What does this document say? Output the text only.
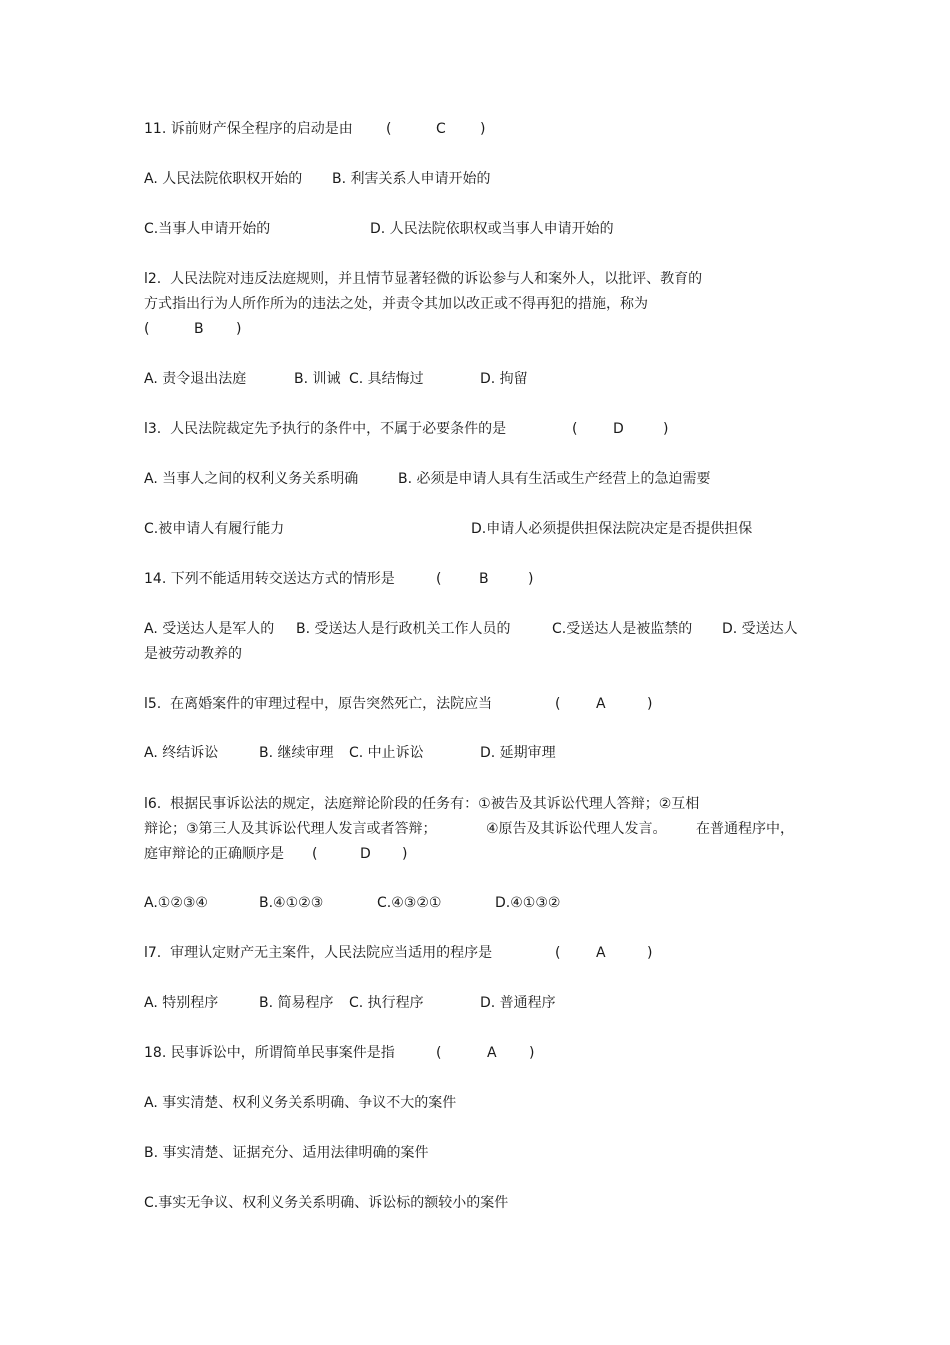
11. 诉前财产保全程序的启动是由 (	C )
A. 人民法院依职权开始的 B. 利害关系人申请开始的
C.当事人申请开始的	D. 人民法院依职权或当事人申请开始的
l2.  人民法院对违反法庭规则，并且情节显著轻微的诉讼参与人和案外人，以批评、教育的
方式指出行为人所作所为的违法之处，并责令其加以改正或不得再犯的措施，称为
(	B )
A. 责令退出法庭	B. 训诫 C. 具结悔过	D. 拘留
l3.  人民法院裁定先予执行的条件中，不属于必要条件的是	(	D	)
A. 当事人之间的权利义务关系明确	B. 必须是申请人具有生活或生产经营上的急迫需要
C.被申请人有履行能力	D.申请人必须提供担保法院决定是否提供担保
14. 下列不能适用转交送达方式的情形是	(	B	)
A. 受送达人是军人的 B. 受送达人是行政机关工作人员的	C.受送达人是被监禁的 D. 受送达人
是被劳动教养的
l5.  在离婚案件的审理过程中，原告突然死亡，法院应当	(	A	)
A. 终结诉讼	B. 继续审理 C. 中止诉讼	D. 延期审理
l6.  根据民事诉讼法的规定，法庭辩论阶段的任务有：①被告及其诉讼代理人答辩；②互相
辩论；③第三人及其诉讼代理人发言或者答辩；	④原告及其诉讼代理人发言。 在普通程序中，
庭审辩论的正确顺序是 (	D )
A.①②③④	B.④①②③	C.④③②①	D.④①③②
l7.  审理认定财产无主案件，人民法院应当适用的程序是	(	A	)
A. 特别程序	B. 简易程序 C. 执行程序	D. 普通程序
18. 民事诉讼中，所谓简单民事案件是指	(	A )
A. 事实清楚、权利义务关系明确、争议不大的案件
B. 事实清楚、证据充分、适用法律明确的案件
C.事实无争议、权利义务关系明确、诉讼标的额较小的案件
